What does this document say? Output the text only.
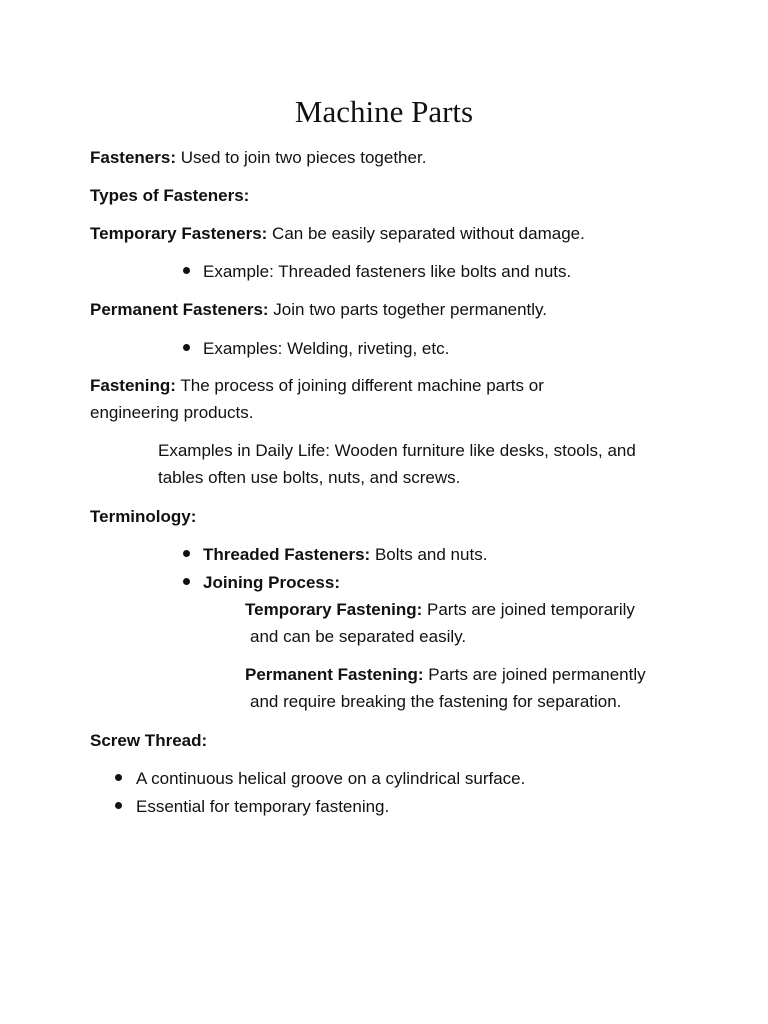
Machine Parts

Fasteners: Used to join two pieces together.

Types of Fasteners:

Temporary Fasteners: Can be easily separated without damage.

Example: Threaded fasteners like bolts and nuts.

Permanent Fasteners: Join two parts together permanently.

Examples: Welding, riveting, etc.

Fastening: The process of joining different machine parts or

engineering products.

Examples in Daily Life: Wooden furniture like desks, stools, and

tables often use bolts, nuts, and screws.

Terminology:

Threaded Fasteners: Bolts and nuts.

Joining Process:

Temporary Fastening: Parts are joined temporarily

and can be separated easily.

Permanent Fastening: Parts are joined permanently

and require breaking the fastening for separation.

Screw Thread:

A continuous helical groove on a cylindrical surface.
Essential for temporary fastening.
